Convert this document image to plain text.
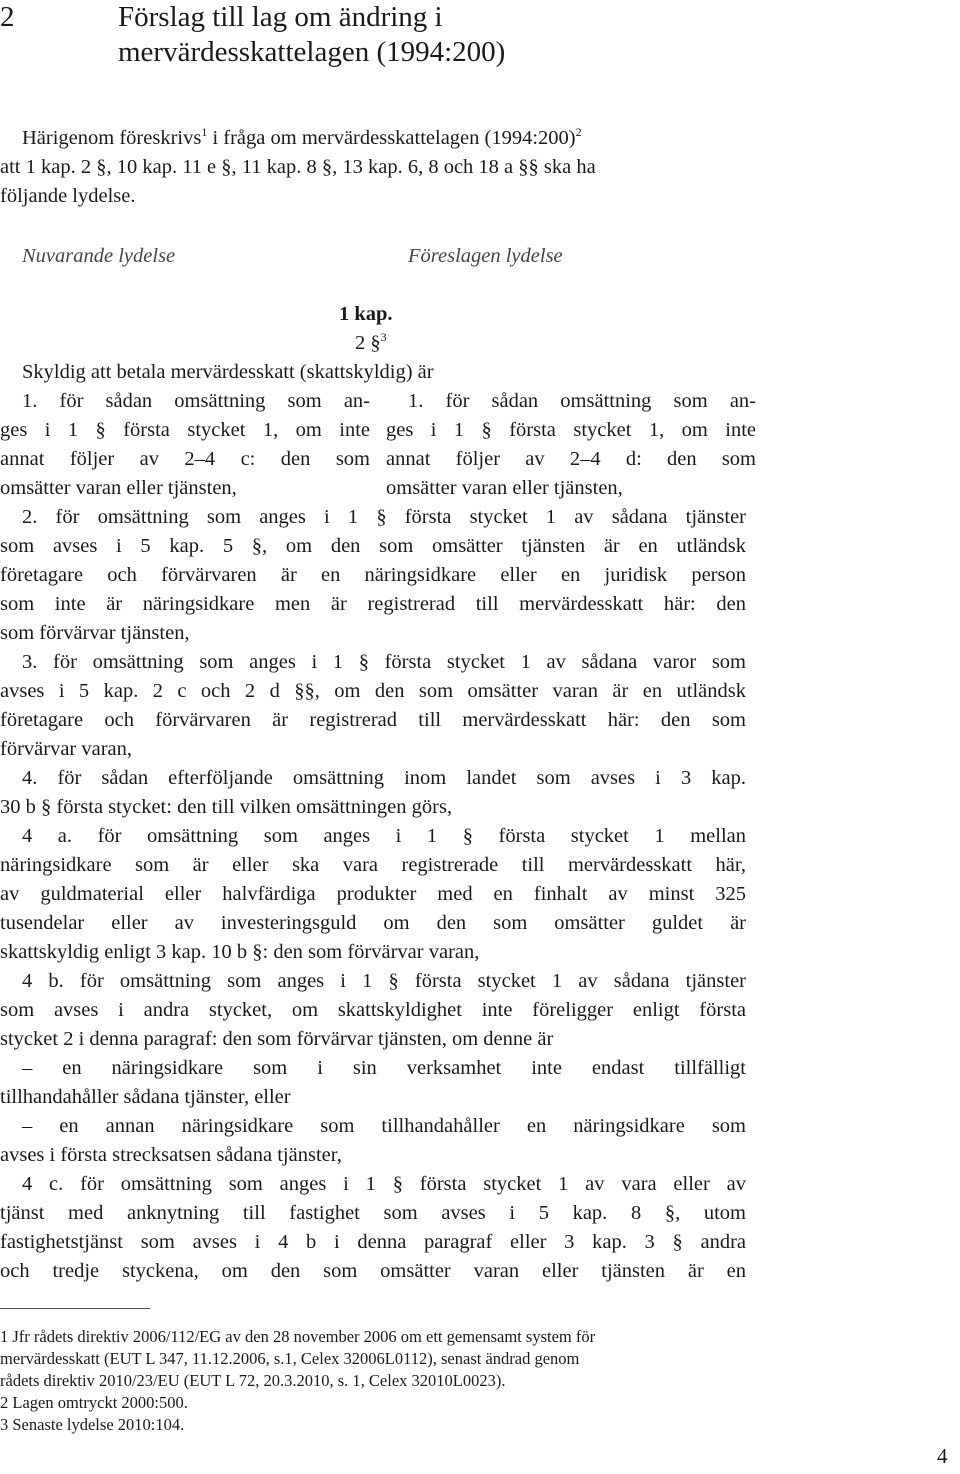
2	Förslag till lag om ändring i
mervärdesskattelagen (1994:200)
Härigenom föreskrivs$^1$ i fråga om mervärdesskattelagen (1994:200)$^2$
att 1 kap. 2 §, 10 kap. 11 e §, 11 kap. 8 §, 13 kap. 6, 8 och 18 a §§ ska ha
följande lydelse.
Nuvarande lydelse	Föreslagen lydelse
1 kap.
2 §$^3$
Skyldig att betala mervärdesskatt (skattskyldig) är
1. för sådan omsättning som an-
ges i 1 § första stycket 1, om inte
annat följer av 2–4 c: den som
omsätter varan eller tjänsten,
1. för sådan omsättning som an-
ges i 1 § första stycket 1, om inte
annat följer av 2–4 d: den som
omsätter varan eller tjänsten,
2. för omsättning som anges i 1 § första stycket 1 av sådana tjänster
som avses i 5 kap. 5 §, om den som omsätter tjänsten är en utländsk
företagare och förvärvaren är en näringsidkare eller en juridisk person
som inte är näringsidkare men är registrerad till mervärdesskatt här: den
som förvärvar tjänsten,
3. för omsättning som anges i 1 § första stycket 1 av sådana varor som
avses i 5 kap. 2 c och 2 d §§, om den som omsätter varan är en utländsk
företagare och förvärvaren är registrerad till mervärdesskatt här: den som
förvärvar varan,
4. för sådan efterföljande omsättning inom landet som avses i 3 kap.
30 b § första stycket: den till vilken omsättningen görs,
4 a. för omsättning som anges i 1 § första stycket 1 mellan
näringsidkare som är eller ska vara registrerade till mervärdesskatt här,
av guldmaterial eller halvfärdiga produkter med en finhalt av minst 325
tusendelar eller av investeringsguld om den som omsätter guldet är
skattskyldig enligt 3 kap. 10 b §: den som förvärvar varan,
4 b. för omsättning som anges i 1 § första stycket 1 av sådana tjänster
som avses i andra stycket, om skattskyldighet inte föreligger enligt första
stycket 2 i denna paragraf: den som förvärvar tjänsten, om denne är
– en näringsidkare som i sin verksamhet inte endast tillfälligt
tillhandahåller sådana tjänster, eller
– en annan näringsidkare som tillhandahåller en näringsidkare som
avses i första strecksatsen sådana tjänster,
4 c. för omsättning som anges i 1 § första stycket 1 av vara eller av
tjänst med anknytning till fastighet som avses i 5 kap. 8 §, utom
fastighetstjänst som avses i 4 b i denna paragraf eller 3 kap. 3 § andra
och tredje styckena, om den som omsätter varan eller tjänsten är en
1 Jfr rådets direktiv 2006/112/EG av den 28 november 2006 om ett gemensamt system för
mervärdesskatt (EUT L 347, 11.12.2006, s.1, Celex 32006L0112), senast ändrad genom
rådets direktiv 2010/23/EU (EUT L 72, 20.3.2010, s. 1, Celex 32010L0023).
2 Lagen omtryckt 2000:500.
3 Senaste lydelse 2010:104.
4
